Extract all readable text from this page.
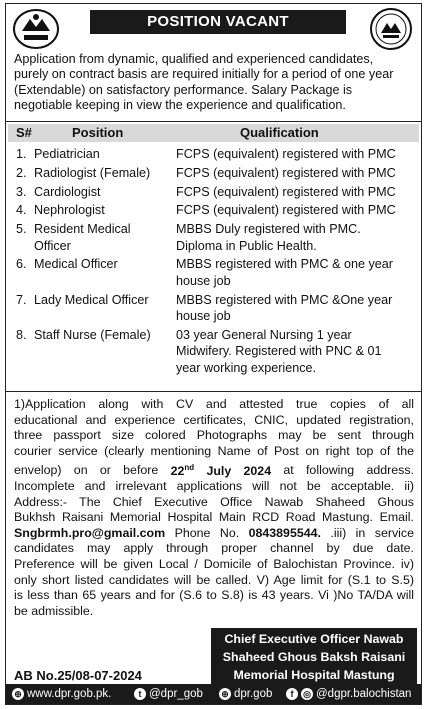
POSITION VACANT
Application from dynamic, qualified and experienced candidates,
purely on contract basis are required initially for a period of one year
(Extendable) on satisfactory performance. Salary Package is
negotiable keeping in view the experience and qualification.
S#	Position	Qualification
1. Pediatrician	FCPS (equivalent) registered with PMC
2. Radiologist (Female) FCPS (equivalent) registered with PMC
3. Cardiologist	FCPS (equivalent) registered with PMC
4. Nephrologist	FCPS (equivalent) registered with PMC
5. Resident Medical
Officer
MBBS Duly registered with PMC.
Diploma in Public Health.
6. Medical Officer	MBBS registered with PMC & one year
house job
7. Lady Medical Officer MBBS registered with PMC &One year
house job
8. Staff Nurse (Female) 03 year General Nursing 1 year
Midwifery. Registered with PNC & 01
year working experience.
1)Application along with CV and attested true copies of all
educational and experience certificates, CNIC, updated registration,
three passport size colored Photographs may be sent through
courier service (clearly mentioning Name of Post on right top of the
envelop) on or before 22nd July 2024 at following address.
Incomplete and irrelevant applications will not be acceptable. ii)
Address:- The Chief Executive Office Nawab Shaheed Ghous
Bukhsh Raisani Memorial Hospital Main RCD Road Mastung. Email.
Sngbrmh.pro@gmail.com Phone No. 0843895544. .iii) in service
candidates may apply through proper channel by due date.
Preference will be given Local / Domicile of Balochistan Province. iv)
only short listed candidates will be called. V) Age limit for (S.1 to S.5)
is less than 65 years and for (S.6 to S.8) is 43 years. Vi )No TA/DA will
be admissible.
Chief Executive Officer Nawab
Shaheed Ghous Baksh Raisani
Memorial Hospital Mastung
AB No.25/08-07-2024
⊕ www.dpr.gob.pk.	t @dpr_gob ⊕ dpr.gob	f	◎ @dgpr.balochistan
